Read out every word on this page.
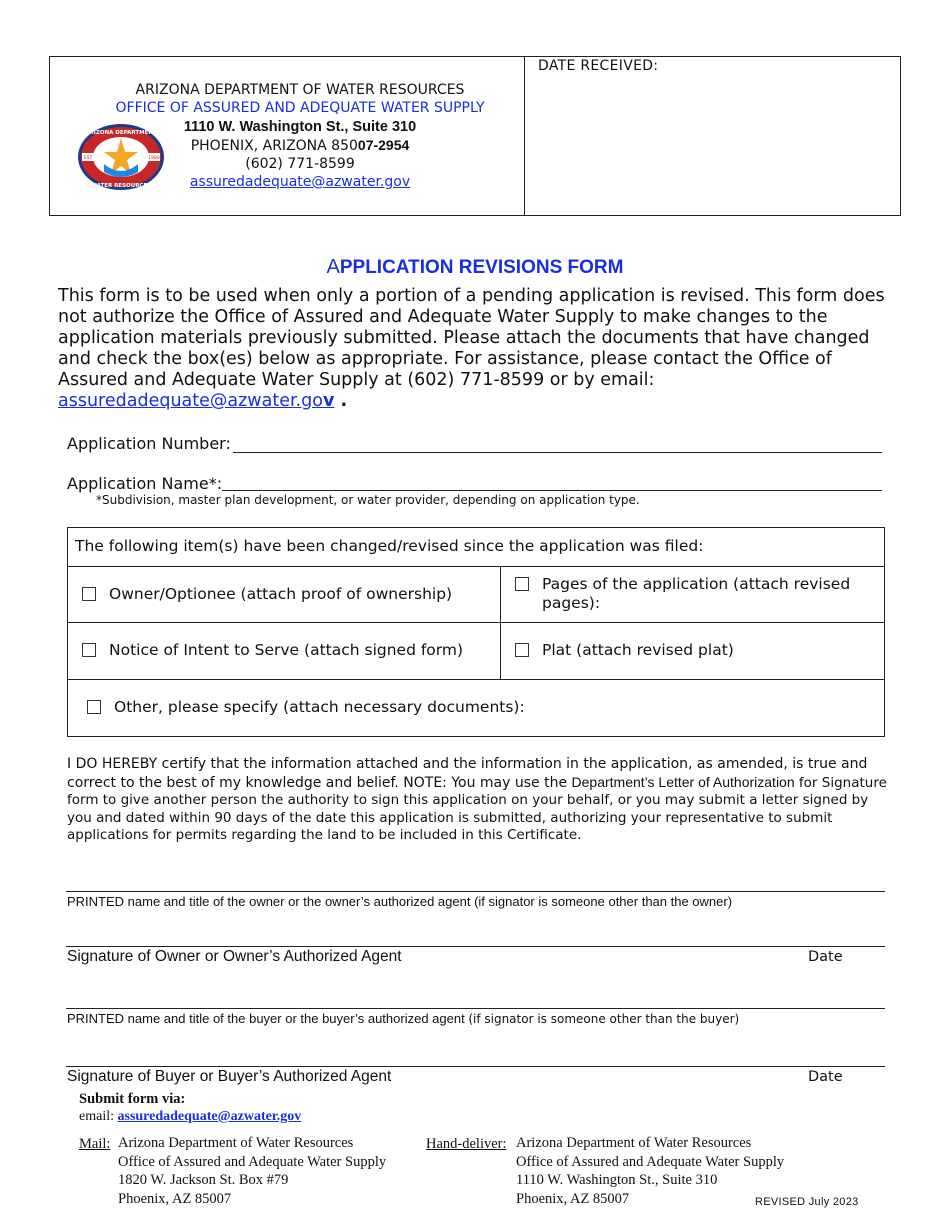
ARIZONA DEPARTMENT
WATER RESOURCES
EST	1980
ARIZONA DEPARTMENT OF WATER RESOURCES
OFFICE OF ASSURED AND ADEQUATE WATER SUPPLY
1110 W. Washington St., Suite 310
PHOENIX, ARIZONA 85007-2954
(602) 771-8599
assuredadequate@azwater.gov
DATE RECEIVED:
APPLICATION REVISIONS FORM
This form is to be used when only a portion of a pending application is revised. This form does not authorize the Office of Assured and Adequate Water Supply to make changes to the application materials previously submitted. Please attach the documents that have changed and check the box(es) below as appropriate. For assistance, please contact the Office of Assured and Adequate Water Supply at (602) 771-8599 or by email:
assuredadequate@azwater.gov .
Application Number:
Application Name*:
*Subdivision, master plan development, or water provider, depending on application type.
The following item(s) have been changed/revised since the application was filed:
Owner/Optionee (attach proof of ownership)
Pages of the application (attach revised pages):
Notice of Intent to Serve (attach signed form)	Plat (attach revised plat)
Other, please specify (attach necessary documents):
I DO HEREBY certify that the information attached and the information in the application, as amended, is true and correct to the best of my knowledge and belief. NOTE: You may use the Department’s Letter of Authorization for Signature form to give another person the authority to sign this application on your behalf, or you may submit a letter signed by you and dated within 90 days of the date this application is submitted, authorizing your representative to submit applications for permits regarding the land to be included in this Certificate.
PRINTED name and title of the owner or the owner’s authorized agent (if signator is someone other than the owner)
Signature of Owner or Owner’s Authorized Agent	Date
PRINTED name and title of the buyer or the buyer’s authorized agent (if signator is someone other than the buyer)
Signature of Buyer or Buyer’s Authorized Agent	Date
Submit form via:
email: assuredadequate@azwater.gov
Mail: Arizona Department of Water Resources
Office of Assured and Adequate Water Supply
1820 W. Jackson St. Box #79
Phoenix, AZ 85007
Hand-deliver: Arizona Department of Water Resources
Office of Assured and Adequate Water Supply
1110 W. Washington St., Suite 310
Phoenix, AZ 85007	REVISED July 2023
